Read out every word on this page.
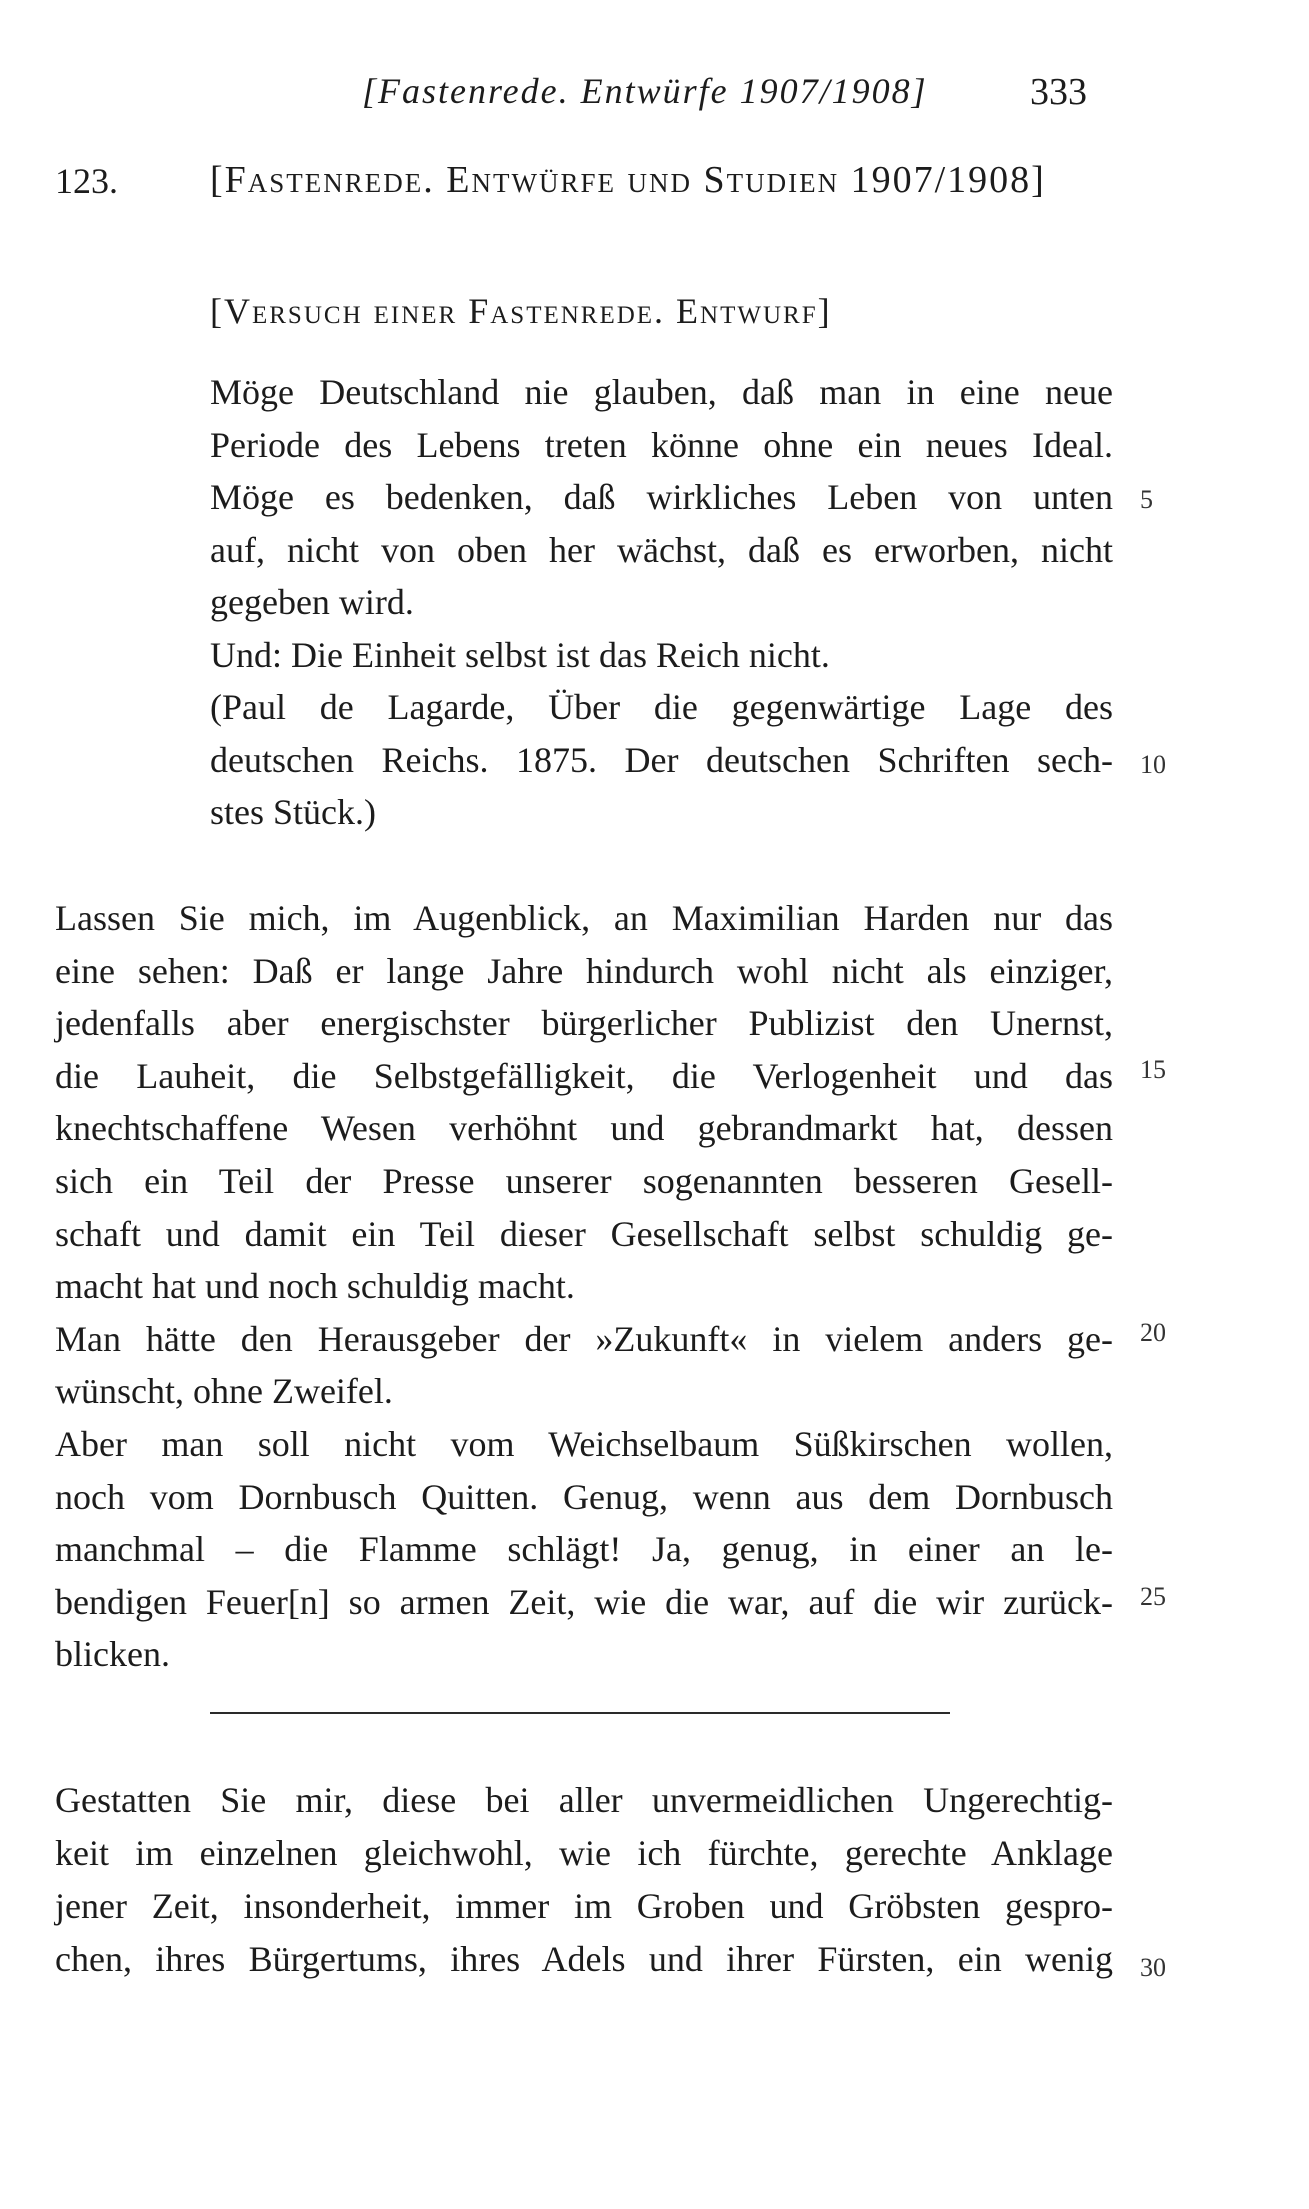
[Fastenrede. Entwürfe 1907/1908]	333
123. [Fastenrede. Entwürfe und Studien 1907/1908]
[Versuch einer Fastenrede. Entwurf]
Möge Deutschland nie glauben, daß man in eine neue
Periode des Lebens treten könne ohne ein neues Ideal.
Möge es bedenken, daß wirkliches Leben von unten
auf, nicht von oben her wächst, daß es erworben, nicht
gegeben wird.
Und: Die Einheit selbst ist das Reich nicht.
(Paul de Lagarde, Über die gegenwärtige Lage des
deutschen Reichs. 1875. Der deutschen Schriften sech-
stes Stück.)
Lassen Sie mich, im Augenblick, an Maximilian Harden nur das
eine sehen: Daß er lange Jahre hindurch wohl nicht als einziger,
jedenfalls aber energischster bürgerlicher Publizist den Unernst,
die Lauheit, die Selbstgefälligkeit, die Verlogenheit und das
knechtschaffene Wesen verhöhnt und gebrandmarkt hat, dessen
sich ein Teil der Presse unserer sogenannten besseren Gesell-
schaft und damit ein Teil dieser Gesellschaft selbst schuldig ge-
macht hat und noch schuldig macht.
Man hätte den Herausgeber der »Zukunft« in vielem anders ge-
wünscht, ohne Zweifel.
Aber man soll nicht vom Weichselbaum Süßkirschen wollen,
noch vom Dornbusch Quitten. Genug, wenn aus dem Dornbusch
manchmal – die Flamme schlägt! Ja, genug, in einer an le-
bendigen Feuer[n] so armen Zeit, wie die war, auf die wir zurück-
blicken.
Gestatten Sie mir, diese bei aller unvermeidlichen Ungerechtig-
keit im einzelnen gleichwohl, wie ich fürchte, gerechte Anklage
jener Zeit, insonderheit, immer im Groben und Gröbsten gespro-
chen, ihres Bürgertums, ihres Adels und ihrer Fürsten, ein wenig
5
10
15
20
25
30
